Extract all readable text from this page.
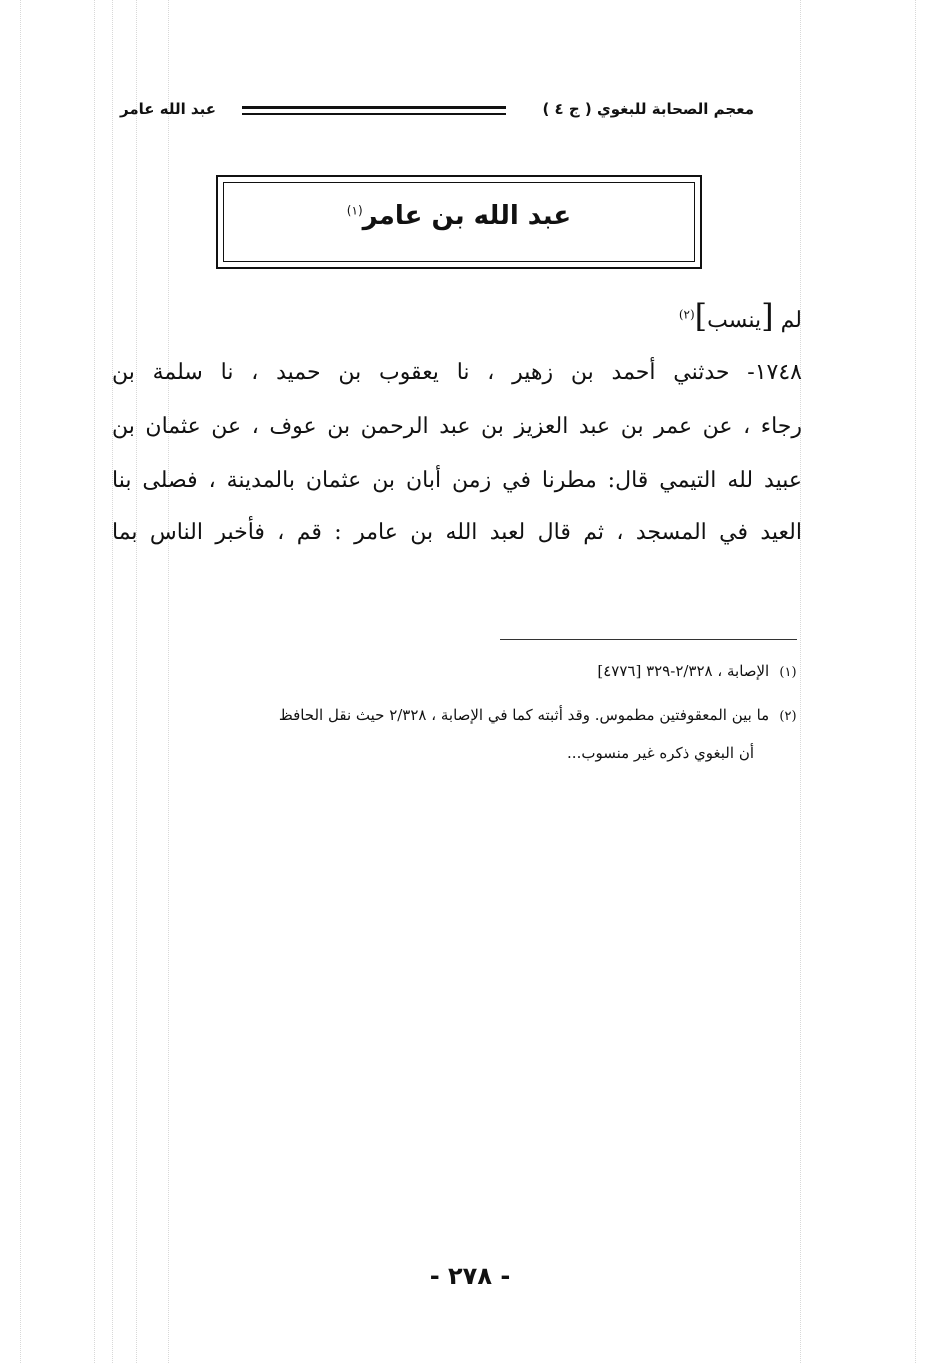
معجم الصحابة للبغوي ( ج ٤ )
عبد الله عامر
عبد الله بن عامر$^{(١)}$
لم [ينسب]$^{(٢)}$
١٧٤٨- حدثني أحمد بن زهير ، نا يعقوب بن حميد ، نا سلمة بن
رجاء ، عن عمر بن عبد العزيز بن عبد الرحمن بن عوف ، عن عثمان بن
عبيد لله التيمي قال: مطرنا في زمن أبان بن عثمان بالمدينة ، فصلى بنا
العيد في المسجد ، ثم قال لعبد الله بن عامر : قم ، فأخبر الناس بما
(١) الإصابة ، ٢/٣٢٨-٣٢٩ [٤٧٧٦]
(٢) ما بين المعقوفتين مطموس. وقد أثبته كما في الإصابة ، ٢/٣٢٨ حيث نقل الحافظ
أن البغوي ذكره غير منسوب...
- ٢٧٨ -
